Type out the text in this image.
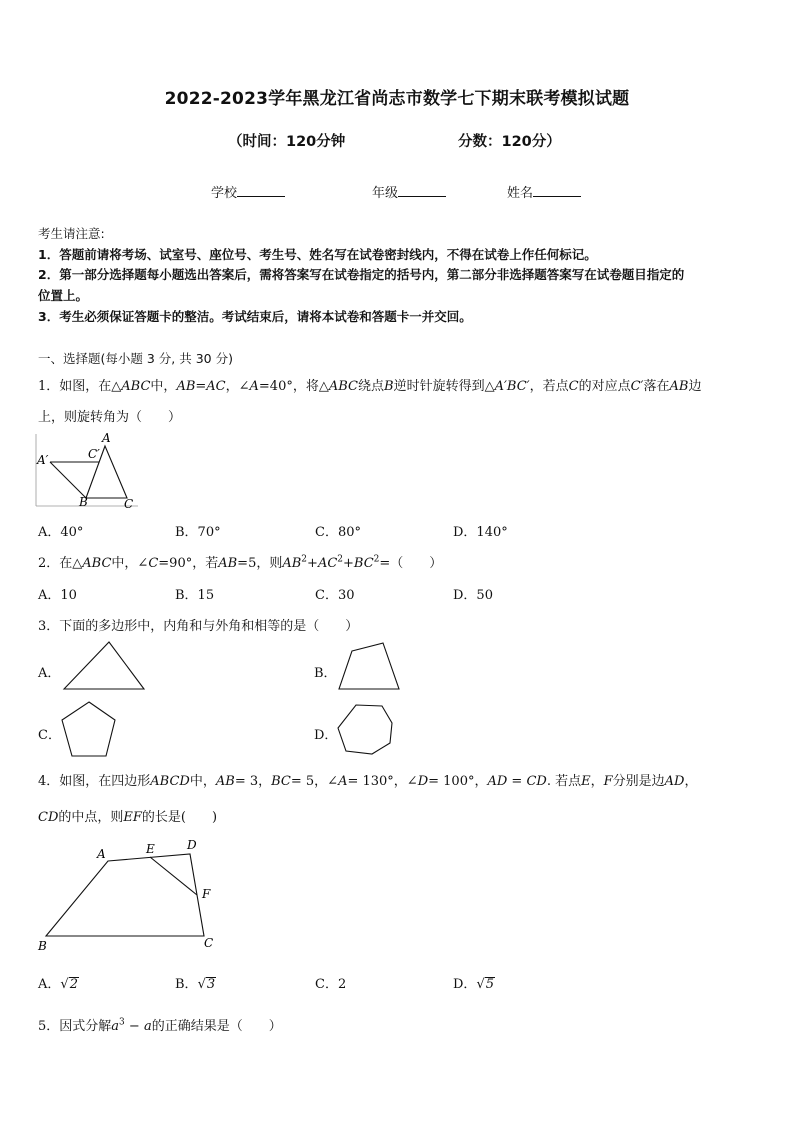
2022-2023学年黑龙江省尚志市数学七下期末联考模拟试题
（时间：120分钟	分数：120分）
学校	年级	姓名
考生请注意:
1．答题前请将考场、试室号、座位号、考生号、姓名写在试卷密封线内，不得在试卷上作任何标记。
2．第一部分选择题每小题选出答案后，需将答案写在试卷指定的括号内，第二部分非选择题答案写在试卷题目指定的
位置上。
3．考生必须保证答题卡的整洁。考试结束后，请将本试卷和答题卡一并交回。
一、选择题(每小题 3 分, 共 30 分)
1．如图，在△ABC中，AB=AC，∠A=40°，将△ABC绕点B逆时针旋转得到△A′BC′，若点C的对应点C′落在AB边
上，则旋转角为（　　）
A
A′	C′
B	C
A．40°	B．70°	C．80°	D．140°
2．在△ABC中，∠C=90°，若AB=5，则$AB^2+AC^2+BC^2=$（　　）
A．10	B．15	C．30	D．50
3．下面的多边形中，内角和与外角和相等的是（　　）
A．	B．
C．	D．
4．如图，在四边形ABCD中，AB= 3，BC= 5，∠A= 130°，∠D= 100°，AD = CD. 若点E，F分别是边AD，
CD的中点，则EF的长是(　　)
A	E	D
F
B	C
A．√2	B．√3	C．2	D．√5
5．因式分解$a^3 - a$的正确结果是（　　）
